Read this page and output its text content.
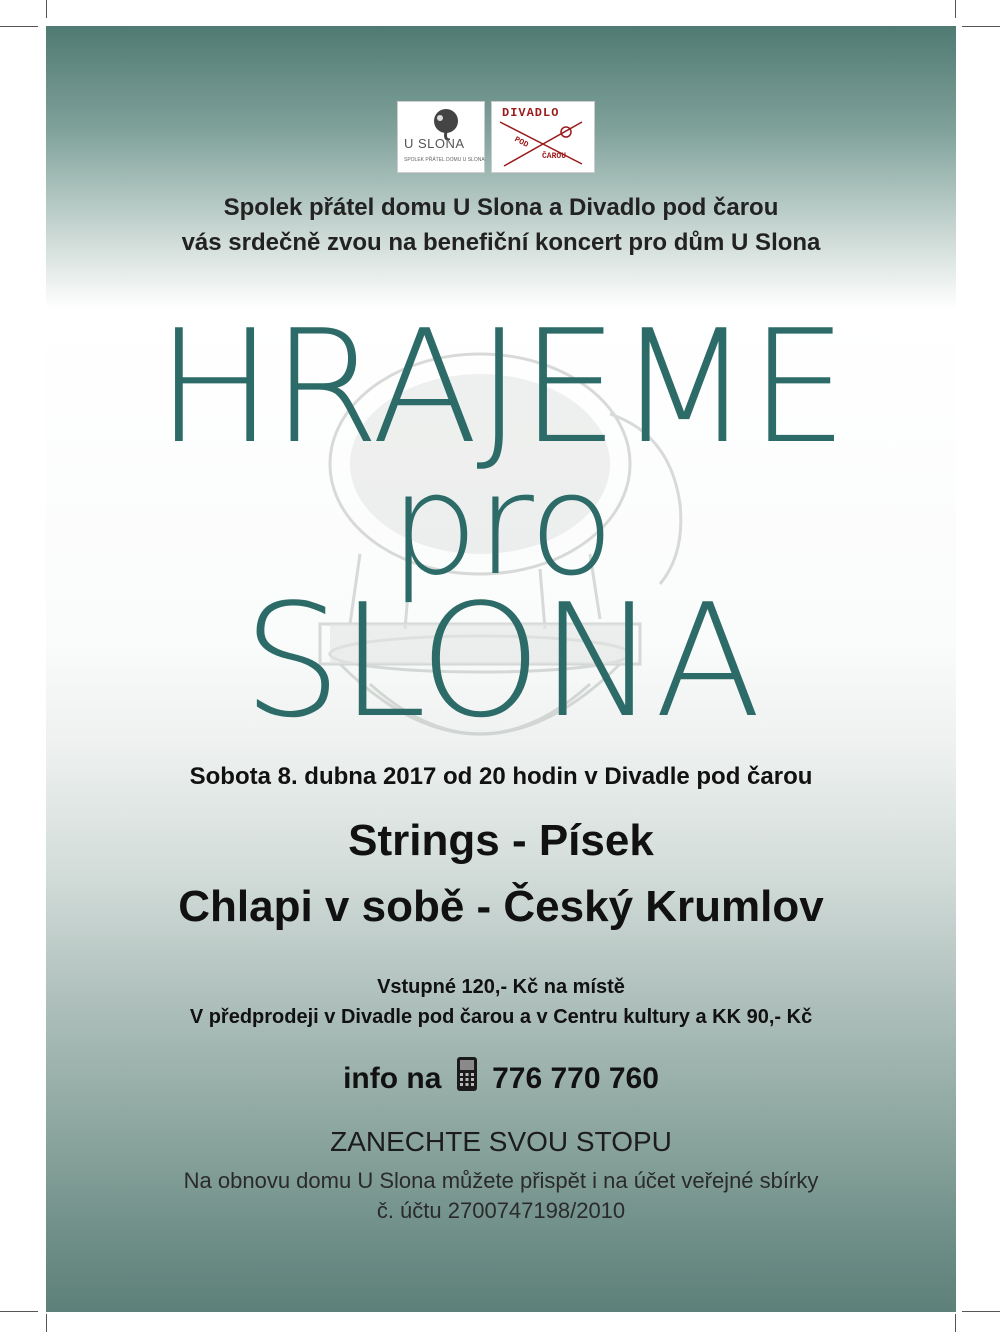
U SLONA
SPOLEK PŘÁTEL DOMU U SLONA
DIVADLO
POD
ČAROU
Spolek přátel domu U Slona a Divadlo pod čarou
vás srdečně zvou na benefiční koncert pro dům U Slona
HRAJEME
pro
SLONA
Sobota 8. dubna 2017 od 20 hodin v Divadle pod čarou
Strings - Písek
Chlapi v sobě - Český Krumlov
Vstupné 120,- Kč na místě
V předprodeji v Divadle pod čarou a v Centru kultury a KK 90,- Kč
info na 776 770 760
ZANECHTE SVOU STOPU
Na obnovu domu U Slona můžete přispět i na účet veřejné sbírky
č. účtu 2700747198/2010
